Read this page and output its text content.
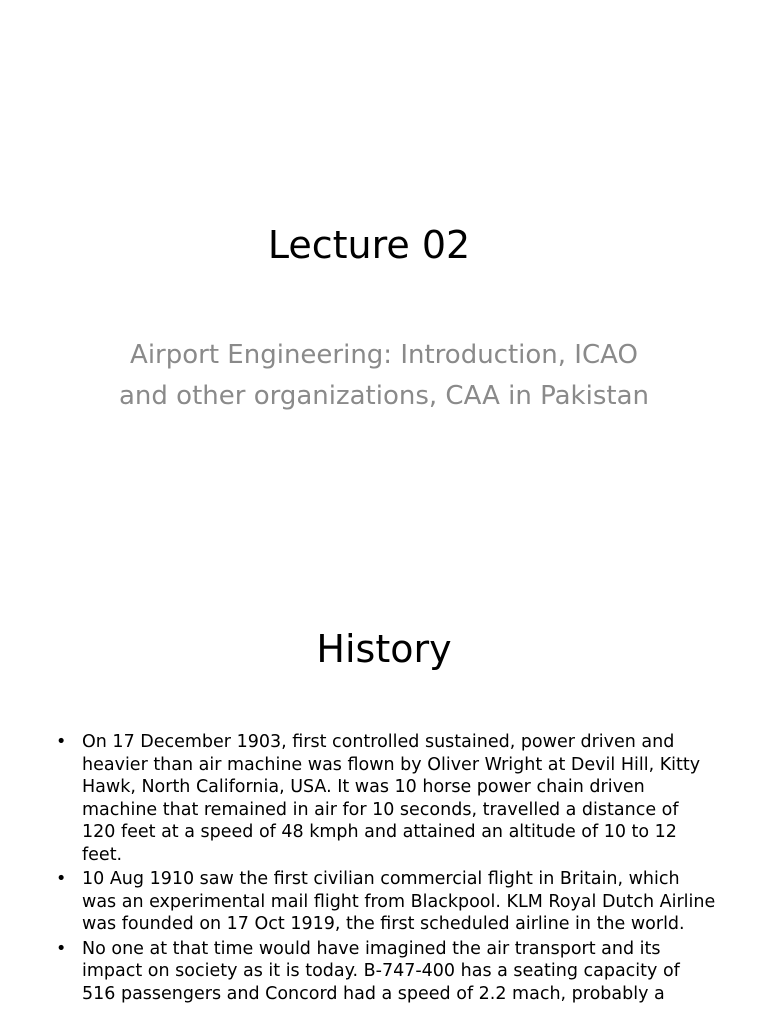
Lecture 02

Airport Engineering: Introduction, ICAO and other organizations, CAA in Pakistan

History
• On 17 December 1903, first controlled sustained, power driven and heavier than air machine was flown by Oliver Wright at Devil Hill, Kitty Hawk, North California, USA. It was 10 horse power chain driven machine that remained in air for 10 seconds, travelled a distance of 120 feet at a speed of 48 kmph and attained an altitude of 10 to 12 feet.
• 10 Aug 1910 saw the first civilian commercial flight in Britain, which was an experimental mail flight from Blackpool. KLM Royal Dutch Airline was founded on 17 Oct 1919, the first scheduled airline in the world.
• No one at that time would have imagined the air transport and its impact on society as it is today. B-747-400 has a seating capacity of 516 passengers and Concord had a speed of 2.2 mach, probably a
